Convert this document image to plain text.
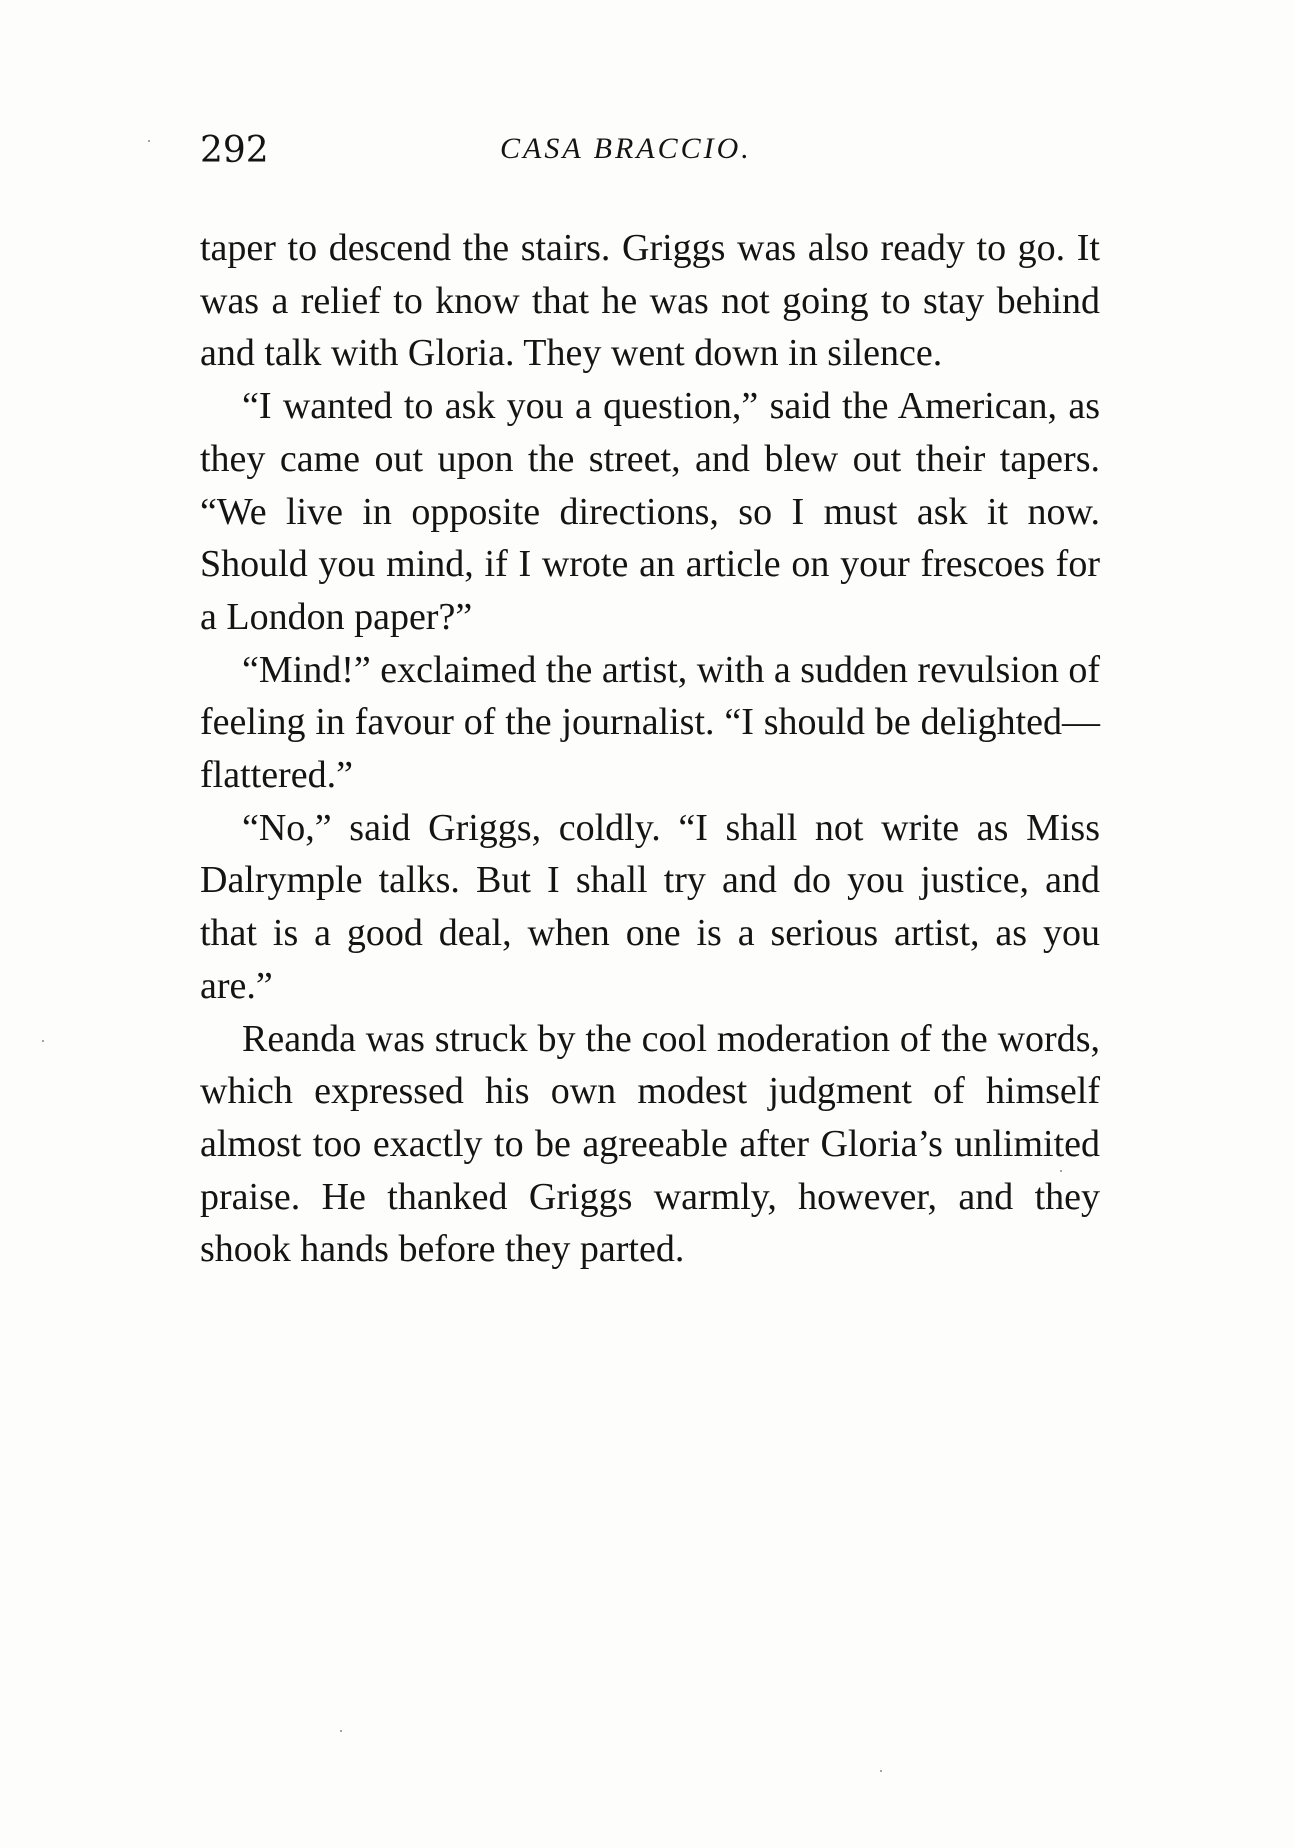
292	CASA BRACCIO.

taper to descend the stairs. Griggs was also ready to go. It was a relief to know that he was not going to stay behind and talk with Gloria. They went down in silence.

“I wanted to ask you a question,” said the American, as they came out upon the street, and blew out their tapers. “We live in opposite directions, so I must ask it now. Should you mind, if I wrote an article on your frescoes for a London paper?”

“Mind!” exclaimed the artist, with a sudden revulsion of feeling in favour of the journalist. “I should be delighted—flattered.”

“No,” said Griggs, coldly. “I shall not write as Miss Dalrymple talks. But I shall try and do you justice, and that is a good deal, when one is a serious artist, as you are.”

Reanda was struck by the cool moderation of the words, which expressed his own modest judgment of himself almost too exactly to be agreeable after Gloria’s unlimited praise. He thanked Griggs warmly, however, and they shook hands before they parted.
